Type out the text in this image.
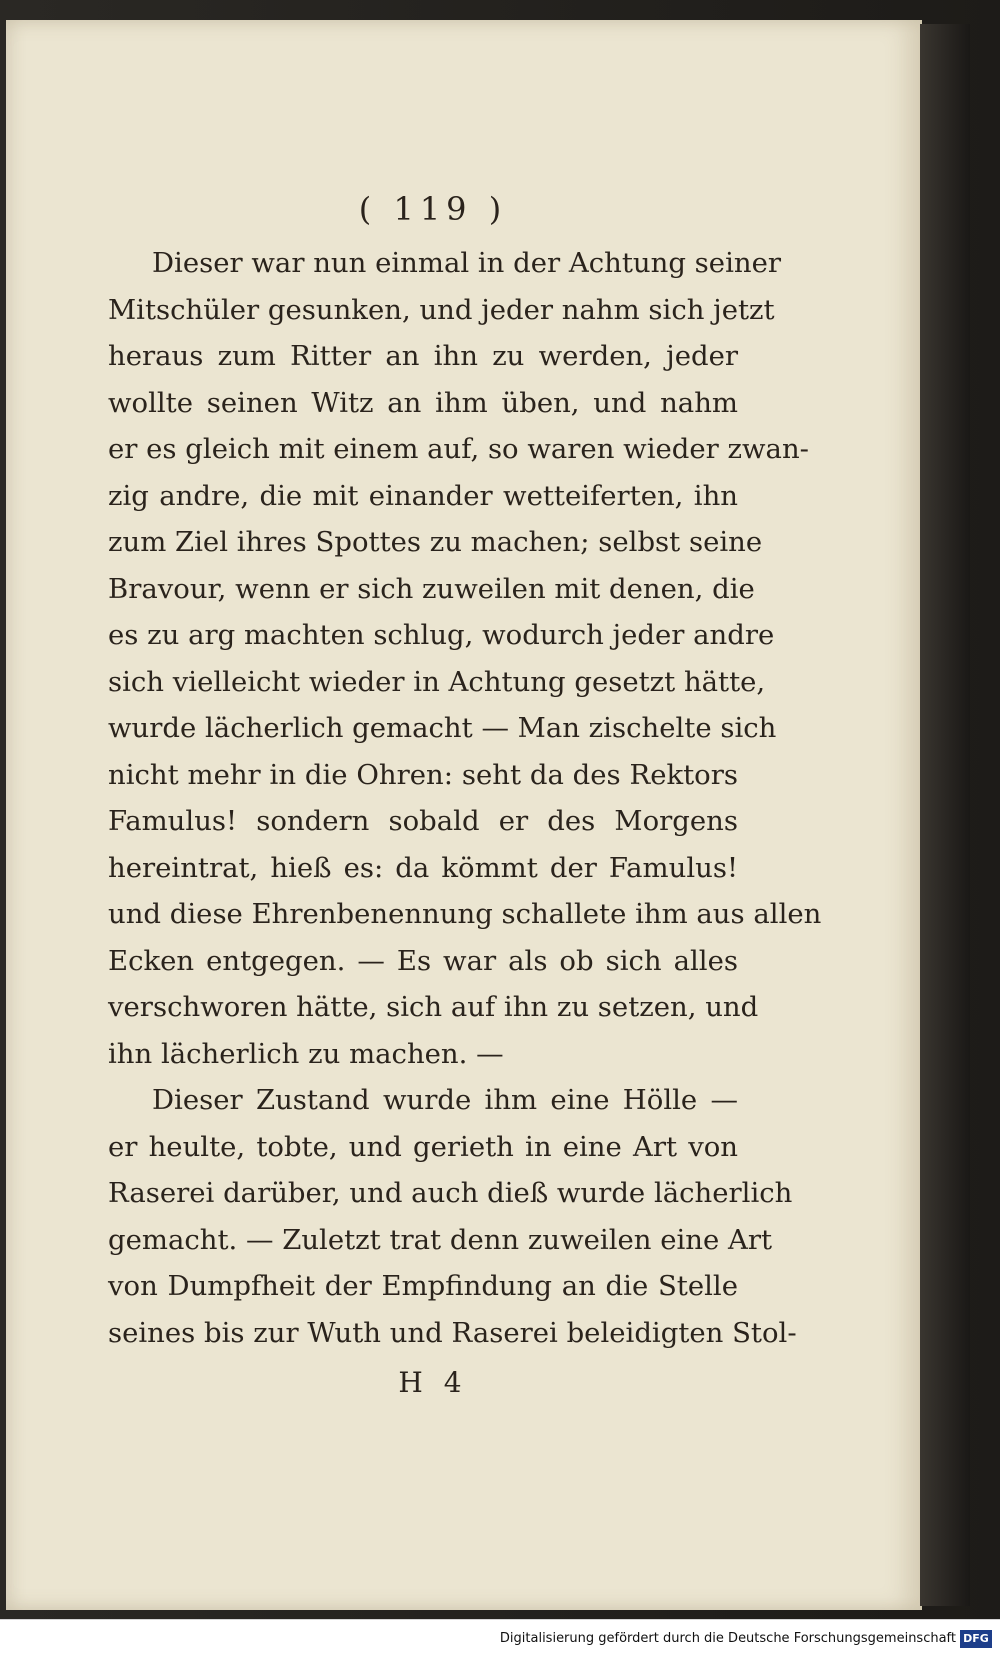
( 119 )
Dieser war nun einmal in der Achtung seiner
Mitschüler gesunken, und jeder nahm sich jetzt
heraus zum Ritter an ihn zu werden, jeder
wollte seinen Witz an ihm üben, und nahm
er es gleich mit einem auf, so waren wieder zwan-
zig andre, die mit einander wetteiferten, ihn
zum Ziel ihres Spottes zu machen; selbst seine
Bravour, wenn er sich zuweilen mit denen, die
es zu arg machten schlug, wodurch jeder andre
sich vielleicht wieder in Achtung gesetzt hätte,
wurde lächerlich gemacht — Man zischelte sich
nicht mehr in die Ohren: seht da des Rektors
Famulus! sondern sobald er des Morgens
hereintrat, hieß es: da kömmt der Famulus!
und diese Ehrenbenennung schallete ihm aus allen
Ecken entgegen. — Es war als ob sich alles
verschworen hätte, sich auf ihn zu setzen, und
ihn lächerlich zu machen. —
Dieser Zustand wurde ihm eine Hölle —
er heulte, tobte, und gerieth in eine Art von
Raserei darüber, und auch dieß wurde lächerlich
gemacht. — Zuletzt trat denn zuweilen eine Art
von Dumpfheit der Empfindung an die Stelle
seines bis zur Wuth und Raserei beleidigten Stol-
H 4
Digitalisierung gefördert durch die Deutsche Forschungsgemeinschaft DFG
